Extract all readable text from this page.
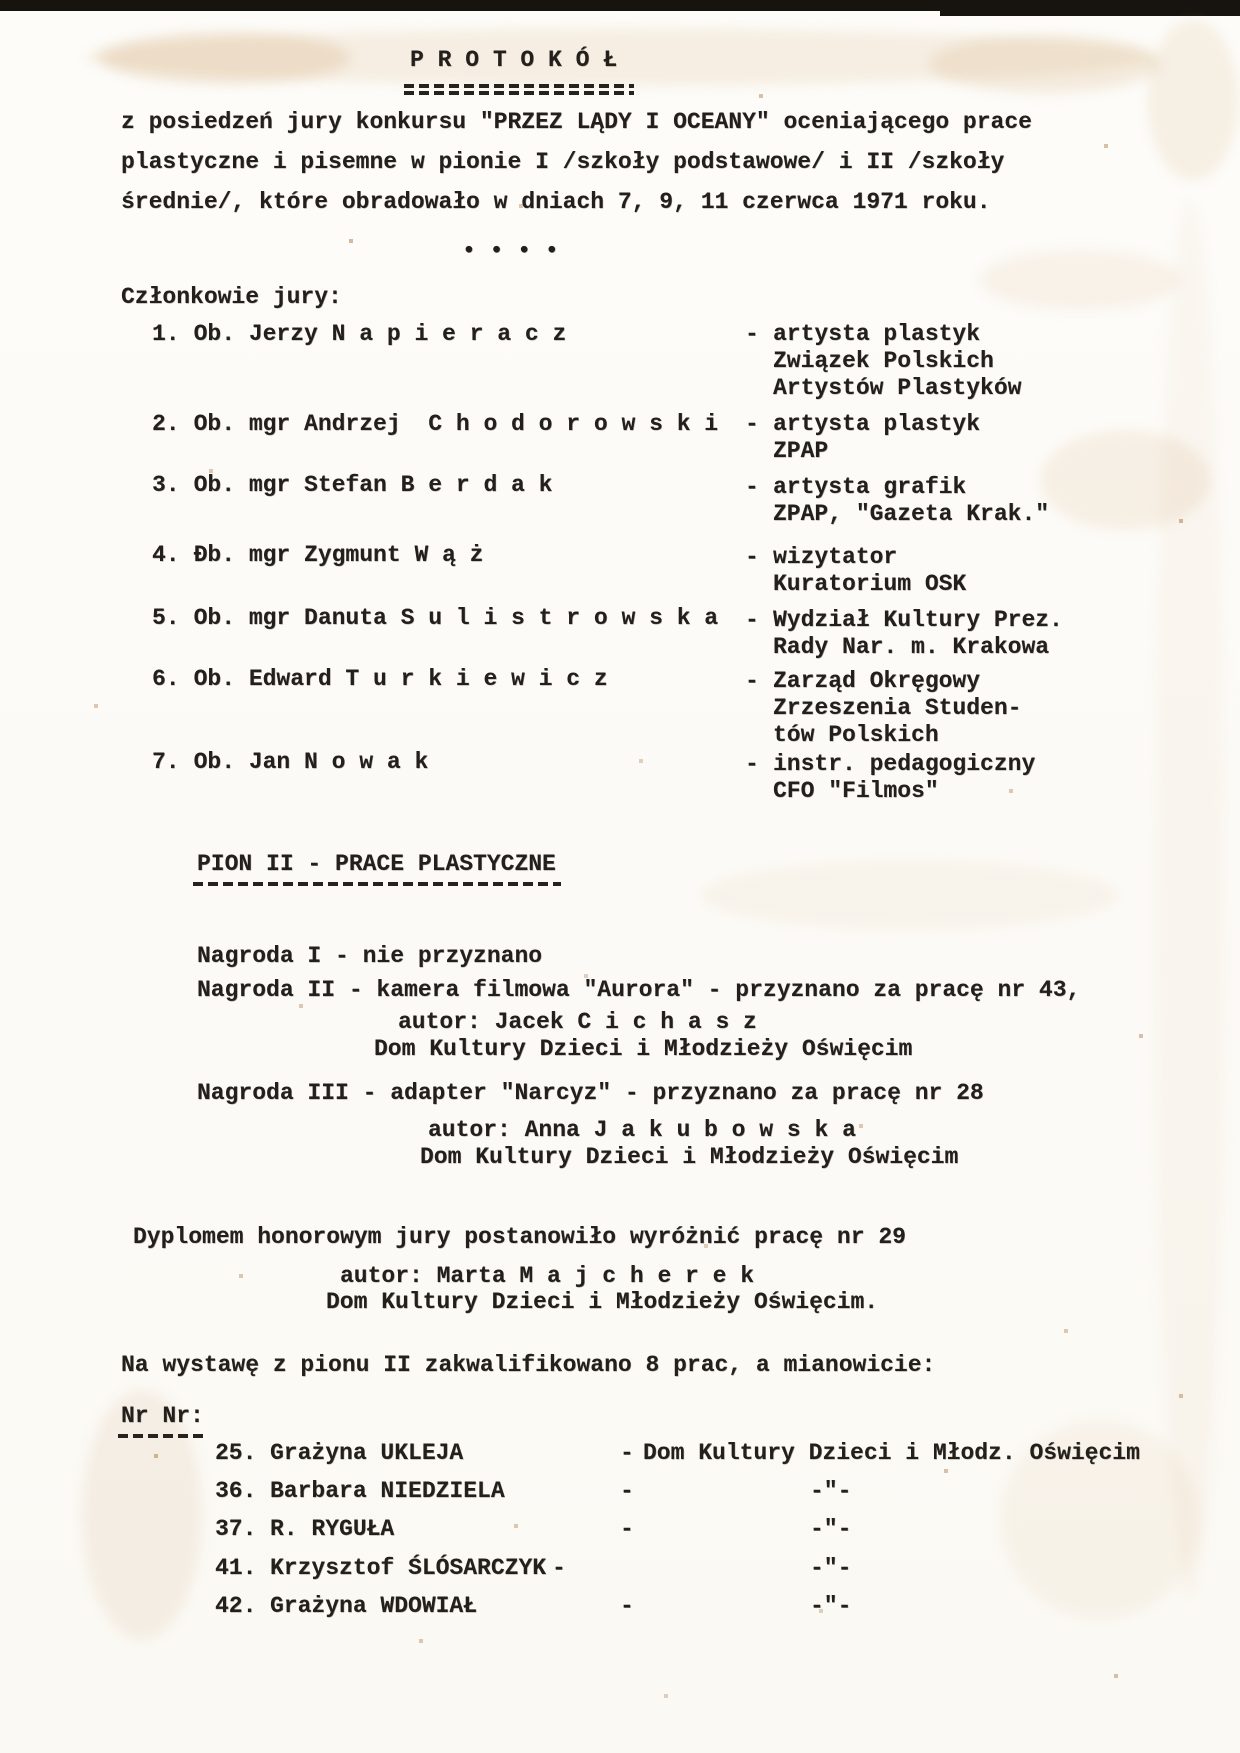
P R O T O K Ó Ł
z posiedzeń jury konkursu "PRZEZ LĄDY I OCEANY" oceniającego prace
plastyczne i pisemne w pionie I /szkoły podstawowe/ i II /szkoły
średnie/, które obradowało w dniach 7, 9, 11 czerwca 1971 roku.
• • • •
Członkowie jury:
1. Ob. Jerzy N a p i e r a c z	- artysta plastyk
Związek Polskich
Artystów Plastyków
2. Ob. mgr Andrzej  C h o d o r o w s k i - artysta plastyk
ZPAP
3. Ob. mgr Stefan B e r d a k	- artysta grafik
ZPAP, "Gazeta Krak."
4. Ðb. mgr Zygmunt W ą ż	- wizytator
Kuratorium OSK
5. Ob. mgr Danuta S u l i s t r o w s k a - Wydział Kultury Prez.
Rady Nar. m. Krakowa
6. Ob. Edward T u r k i e w i c z	- Zarząd Okręgowy
Zrzeszenia Studen-
tów Polskich
7. Ob. Jan N o w a k	- instr. pedagogiczny
CFO "Filmos"
PION II - PRACE PLASTYCZNE
Nagroda I - nie przyznano
Nagroda II - kamera filmowa "Aurora" - przyznano za pracę nr 43,
autor: Jacek C i c h a s z
Dom Kultury Dzieci i Młodzieży Oświęcim
Nagroda III - adapter "Narcyz" - przyznano za pracę nr 28
autor: Anna J a k u b o w s k a
Dom Kultury Dzieci i Młodzieży Oświęcim
Dyplomem honorowym jury postanowiło wyróżnić pracę nr 29
autor: Marta M a j c h e r e k
Dom Kultury Dzieci i Młodzieży Oświęcim.
Na wystawę z pionu II zakwalifikowano 8 prac, a mianowicie:
Nr Nr:
25. Grażyna UKLEJA	- Dom Kultury Dzieci i Młodz. Oświęcim
36. Barbara NIEDZIELA	-	-"-
37. R. RYGUŁA	-	-"-
41. Krzysztof ŚLÓSARCZYK -	-"-
42. Grażyna WDOWIAŁ	-	-"-
